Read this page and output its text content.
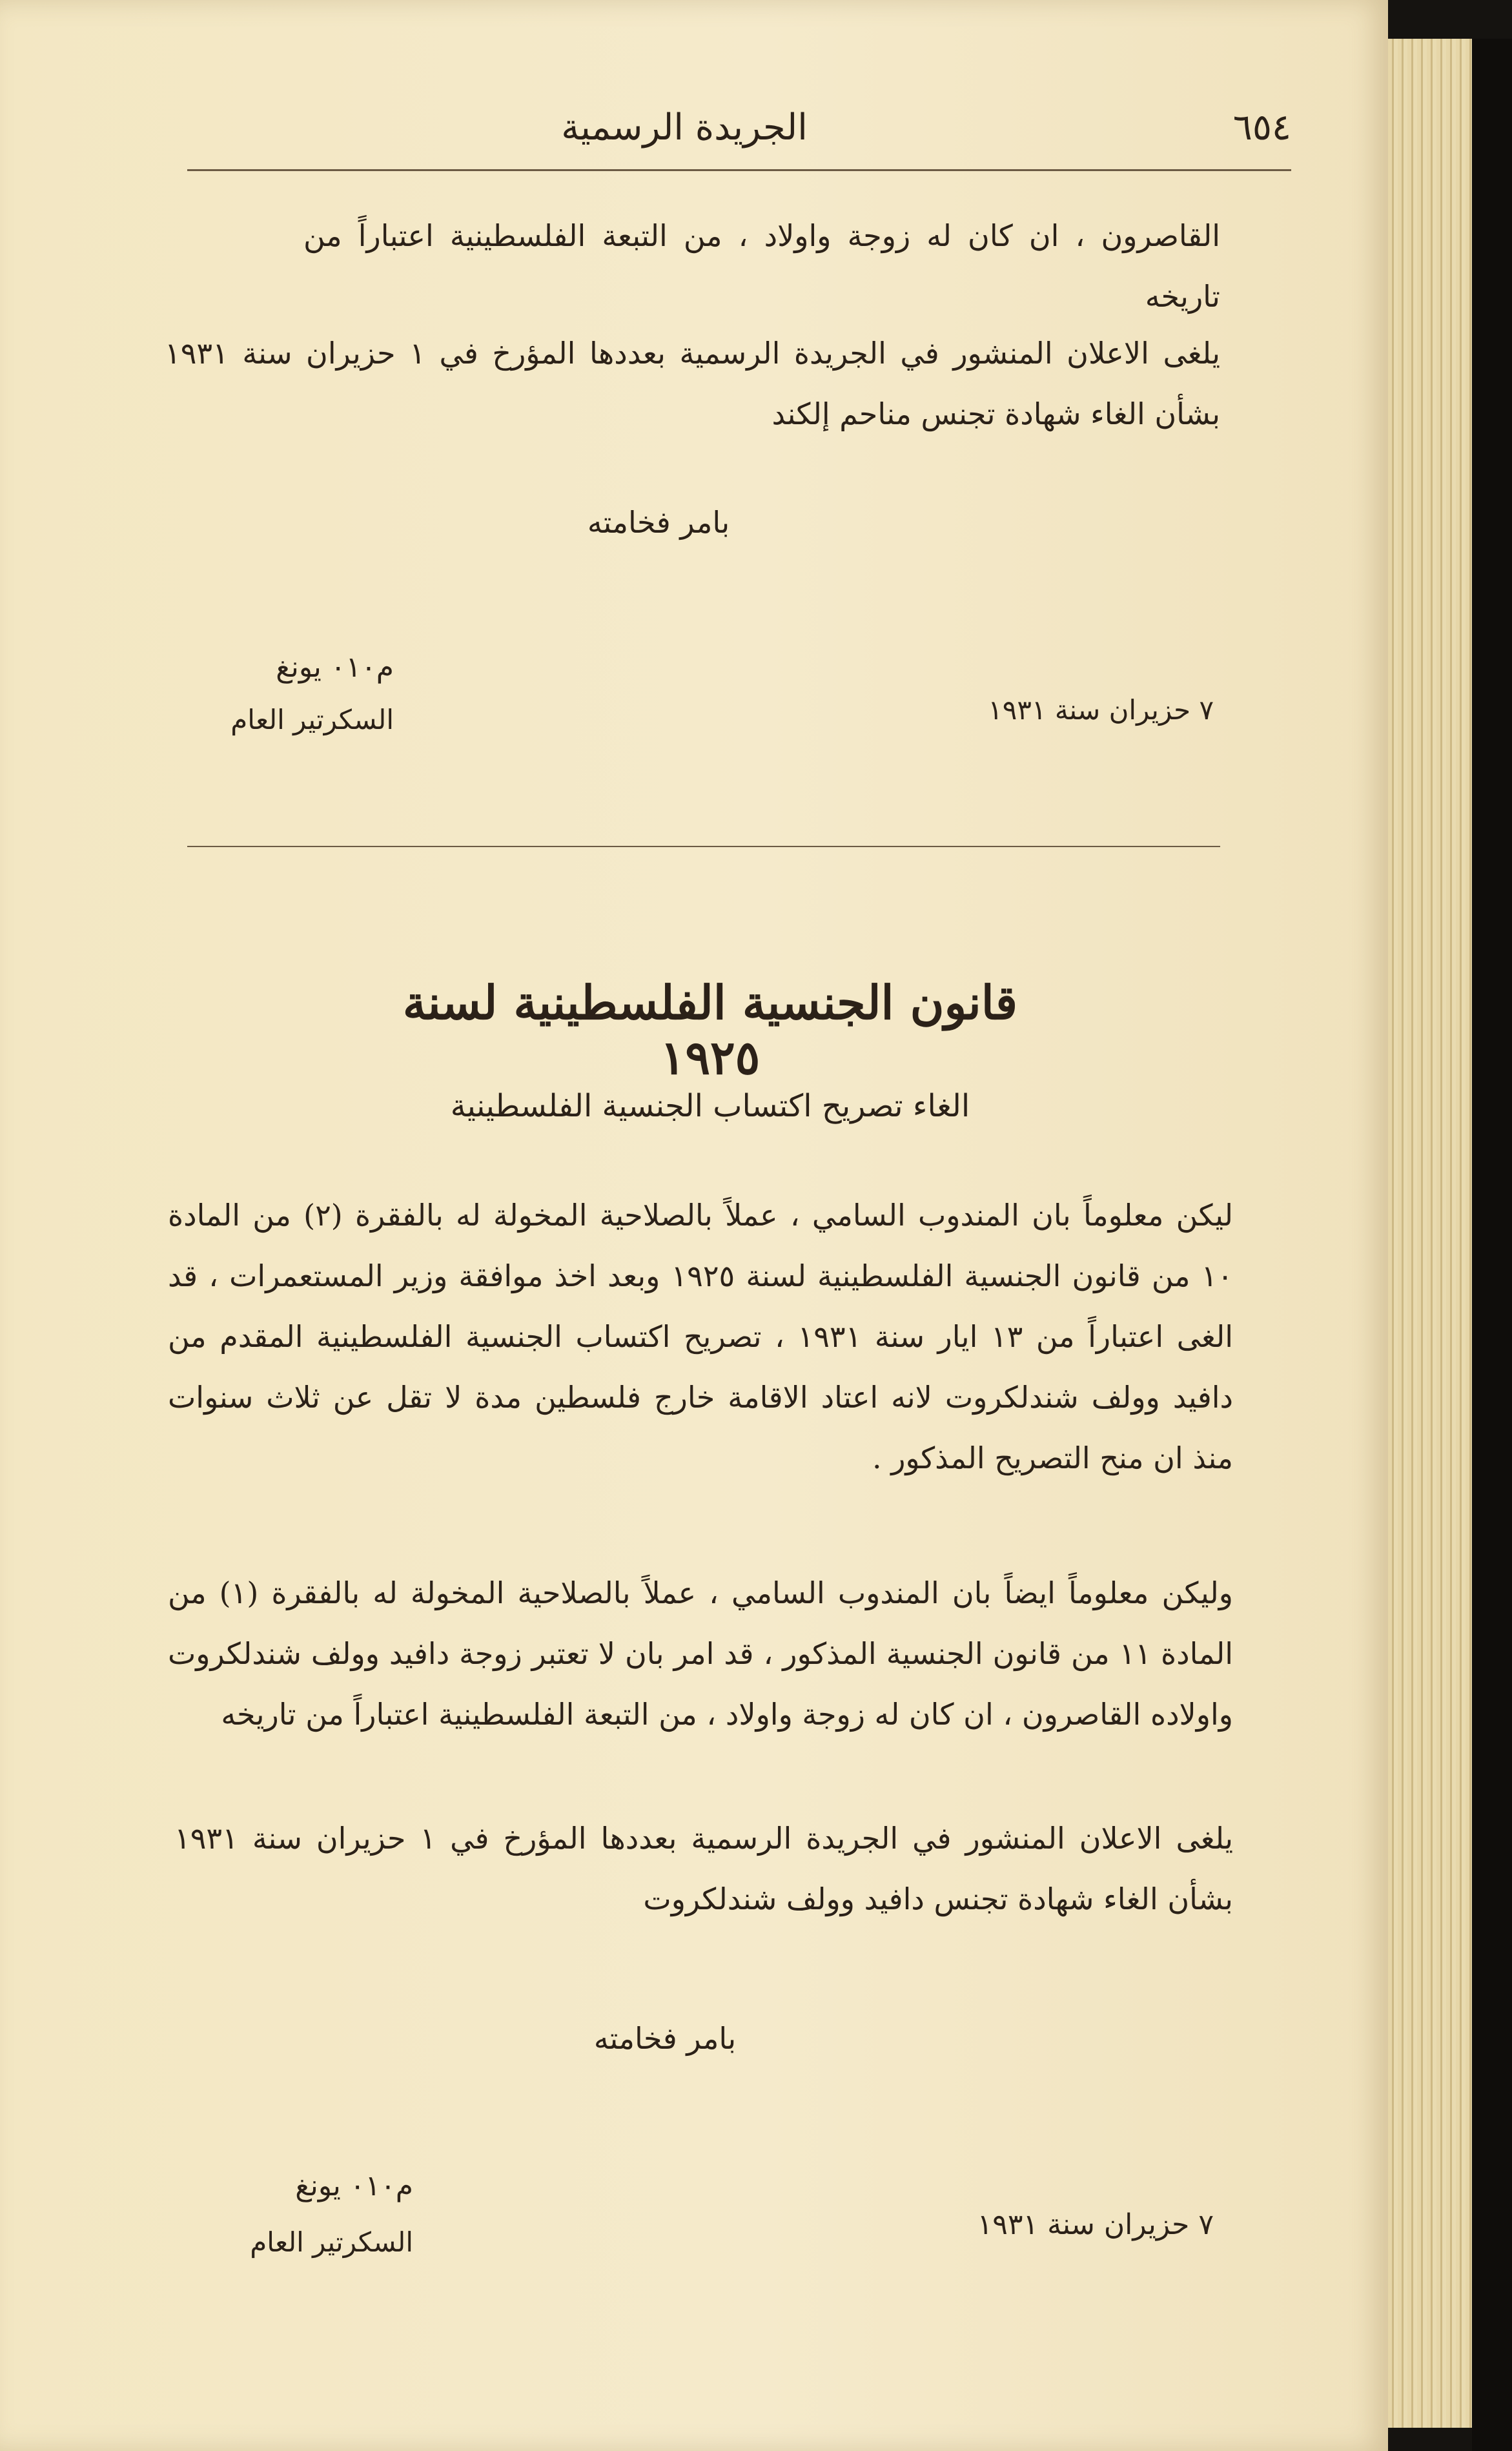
الجريدة الرسمية	٦٥٤
القاصرون ، ان كان له زوجة واولاد ، من التبعة الفلسطينية اعتباراً من تاريخه
يلغى الاعلان المنشور في الجريدة الرسمية بعددها المؤرخ في ١ حزيران سنة ١٩٣١ بشأن الغاء شهادة تجنس مناحم إلكند
بامر فخامته
م٠١٠ يونغ
السكرتير العام	٧ حزيران سنة ١٩٣١
قانون الجنسية الفلسطينية لسنة ١٩٢٥
الغاء تصريح اكتساب الجنسية الفلسطينية
ليكن معلوماً بان المندوب السامي ، عملاً بالصلاحية المخولة له بالفقرة (٢) من المادة ١٠ من قانون الجنسية الفلسطينية لسنة ١٩٢٥ وبعد اخذ موافقة وزير المستعمرات ، قد الغى اعتباراً من ١٣ ايار سنة ١٩٣١ ، تصريح اكتساب الجنسية الفلسطينية المقدم من دافيد وولف شندلكروت لانه اعتاد الاقامة خارج فلسطين مدة لا تقل عن ثلاث سنوات منذ ان منح التصريح المذكور .
وليكن معلوماً ايضاً بان المندوب السامي ، عملاً بالصلاحية المخولة له بالفقرة (١) من المادة ١١ من قانون الجنسية المذكور ، قد امر بان لا تعتبر زوجة دافيد وولف شندلكروت واولاده القاصرون ، ان كان له زوجة واولاد ، من التبعة الفلسطينية اعتباراً من تاريخه
يلغى الاعلان المنشور في الجريدة الرسمية بعددها المؤرخ في ١ حزيران سنة ١٩٣١ بشأن الغاء شهادة تجنس دافيد وولف شندلكروت
بامر فخامته
م٠١٠ يونغ
السكرتير العام
٧ حزيران سنة ١٩٣١
